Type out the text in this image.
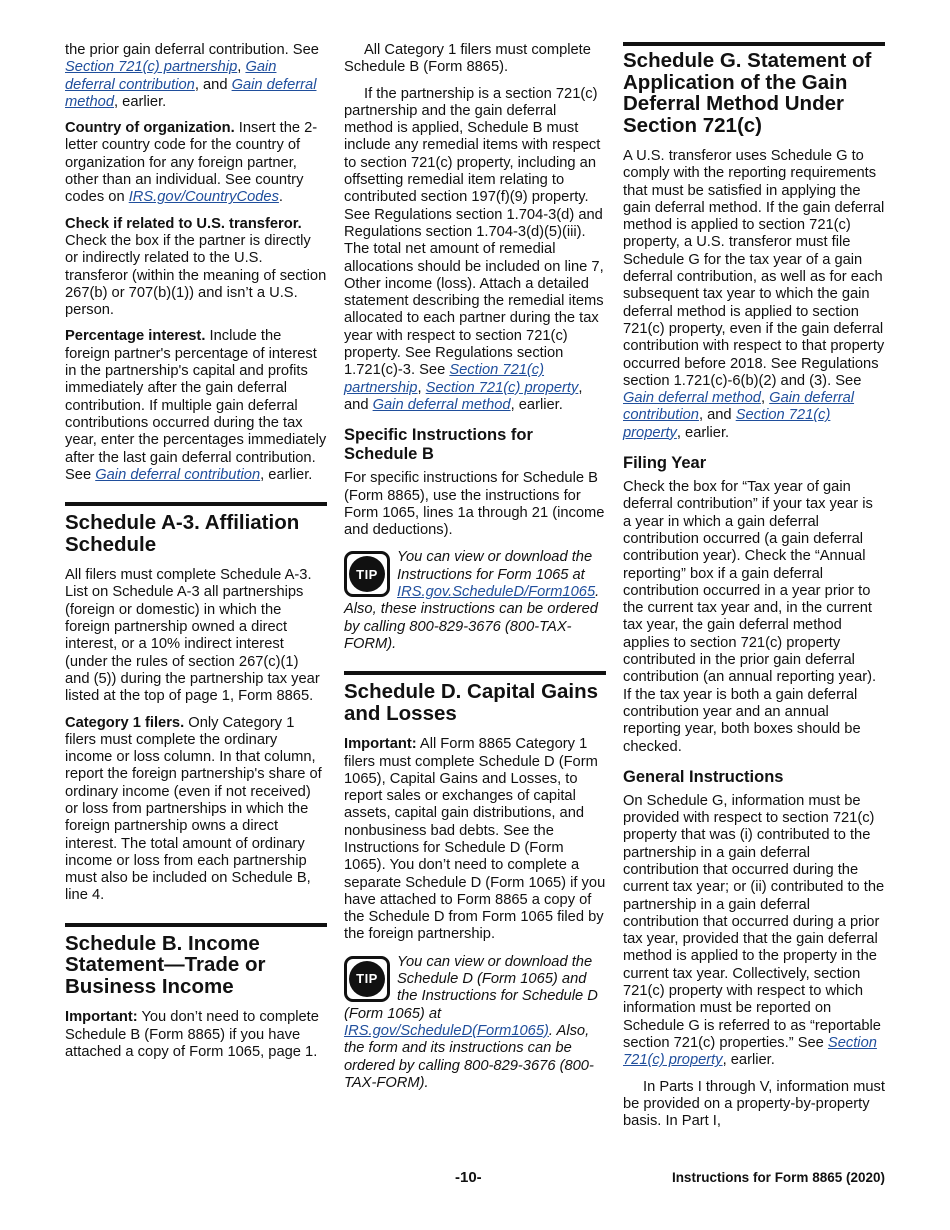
the prior gain deferral contribution. See Section 721(c) partnership, Gain deferral contribution, and Gain deferral method, earlier.

Country of organization. Insert the 2-letter country code for the country of organization for any foreign partner, other than an individual. See country codes on IRS.gov/CountryCodes.

Check if related to U.S. transferor. Check the box if the partner is directly or indirectly related to the U.S. transferor (within the meaning of section 267(b) or 707(b)(1)) and isn’t a U.S. person.

Percentage interest. Include the foreign partner's percentage of interest in the partnership's capital and profits immediately after the gain deferral contribution. If multiple gain deferral contributions occurred during the tax year, enter the percentages immediately after the last gain deferral contribution. See Gain deferral contribution, earlier.

Schedule A-3. Affiliation Schedule

All filers must complete Schedule A-3. List on Schedule A-3 all partnerships (foreign or domestic) in which the foreign partnership owned a direct interest, or a 10% indirect interest (under the rules of section 267(c)(1) and (5)) during the partnership tax year listed at the top of page 1, Form 8865.

Category 1 filers. Only Category 1 filers must complete the ordinary income or loss column. In that column, report the foreign partnership's share of ordinary income (even if not received) or loss from partnerships in which the foreign partnership owns a direct interest. The total amount of ordinary income or loss from each partnership must also be included on Schedule B, line 4.

Schedule B. Income Statement—Trade or Business Income

Important: You don’t need to complete Schedule B (Form 8865) if you have attached a copy of Form 1065, page 1.

All Category 1 filers must complete Schedule B (Form 8865).

If the partnership is a section 721(c) partnership and the gain deferral method is applied, Schedule B must include any remedial items with respect to section 721(c) property, including an offsetting remedial item relating to contributed section 197(f)(9) property. See Regulations section 1.704-3(d) and Regulations section 1.704-3(d)(5)(iii). The total net amount of remedial allocations should be included on line 7, Other income (loss). Attach a detailed statement describing the remedial items allocated to each partner during the tax year with respect to section 721(c) property. See Regulations section 1.721(c)-3. See Section 721(c) partnership, Section 721(c) property, and Gain deferral method, earlier.

Specific Instructions for Schedule B

For specific instructions for Schedule B (Form 8865), use the instructions for Form 1065, lines 1a through 21 (income and deductions).

TIP
You can view or download the Instructions for Form 1065 at IRS.gov.ScheduleD/Form1065. Also, these instructions can be ordered by calling 800-829-3676 (800-TAX-FORM).
Schedule D. Capital Gains and Losses

Important: All Form 8865 Category 1 filers must complete Schedule D (Form 1065), Capital Gains and Losses, to report sales or exchanges of capital assets, capital gain distributions, and nonbusiness bad debts. See the Instructions for Schedule D (Form 1065). You don’t need to complete a separate Schedule D (Form 1065) if you have attached to Form 8865 a copy of the Schedule D from Form 1065 filed by the foreign partnership.

TIP
You can view or download the Schedule D (Form 1065) and the Instructions for Schedule D (Form 1065) at IRS.gov/ScheduleD(Form1065). Also, the form and its instructions can be ordered by calling 800-829-3676 (800-TAX-FORM).
Schedule G. Statement of Application of the Gain Deferral Method Under Section 721(c)

A U.S. transferor uses Schedule G to comply with the reporting requirements that must be satisfied in applying the gain deferral method. If the gain deferral method is applied to section 721(c) property, a U.S. transferor must file Schedule G for the tax year of a gain deferral contribution, as well as for each subsequent tax year to which the gain deferral method is applied to section 721(c) property, even if the gain deferral contribution with respect to that property occurred before 2018. See Regulations section 1.721(c)-6(b)(2) and (3). See Gain deferral method, Gain deferral contribution, and Section 721(c) property, earlier.

Filing Year

Check the box for “Tax year of gain deferral contribution” if your tax year is a year in which a gain deferral contribution occurred (a gain deferral contribution year). Check the “Annual reporting” box if a gain deferral contribution occurred in a year prior to the current tax year and, in the current tax year, the gain deferral method applies to section 721(c) property contributed in the prior gain deferral contribution (an annual reporting year). If the tax year is both a gain deferral contribution year and an annual reporting year, both boxes should be checked.

General Instructions

On Schedule G, information must be provided with respect to section 721(c) property that was (i) contributed to the partnership in a gain deferral contribution that occurred during the current tax year; or (ii) contributed to the partnership in a gain deferral contribution that occurred during a prior tax year, provided that the gain deferral method is applied to the property in the current tax year. Collectively, section 721(c) property with respect to which information must be reported on Schedule G is referred to as “reportable section 721(c) properties.” See Section 721(c) property, earlier.

In Parts I through V, information must be provided on a property-by-property basis. In Part I,

-10-	Instructions for Form 8865 (2020)
